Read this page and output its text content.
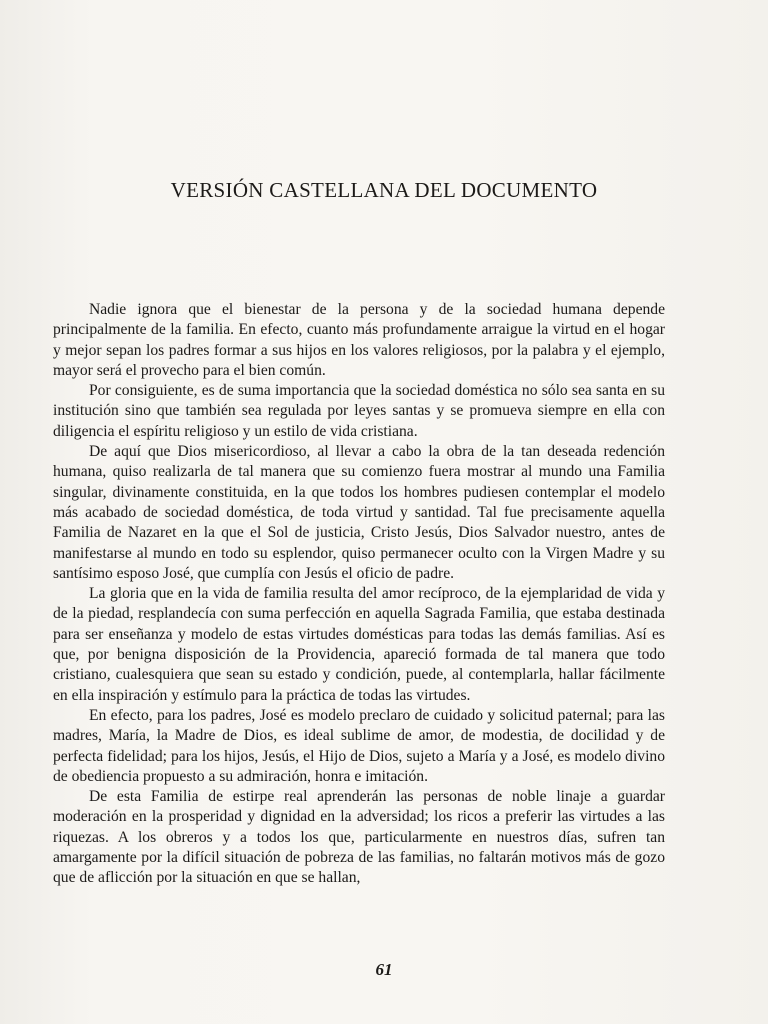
VERSIÓN CASTELLANA DEL DOCUMENTO

Nadie ignora que el bienestar de la persona y de la sociedad humana depende principalmente de la familia. En efecto, cuanto más profundamente arraigue la virtud en el hogar y mejor sepan los padres formar a sus hijos en los valores religiosos, por la palabra y el ejemplo, mayor será el provecho para el bien común.

Por consiguiente, es de suma importancia que la sociedad doméstica no sólo sea santa en su institución sino que también sea regulada por leyes santas y se promueva siempre en ella con diligencia el espíritu religioso y un estilo de vida cristiana.

De aquí que Dios misericordioso, al llevar a cabo la obra de la tan deseada redención humana, quiso realizarla de tal manera que su comienzo fuera mostrar al mundo una Familia singular, divinamente constituida, en la que todos los hombres pudiesen contemplar el modelo más acabado de sociedad doméstica, de toda virtud y santidad. Tal fue precisamente aquella Familia de Nazaret en la que el Sol de justicia, Cristo Jesús, Dios Salvador nuestro, antes de manifestarse al mundo en todo su esplendor, quiso permanecer oculto con la Virgen Madre y su santísimo esposo José, que cumplía con Jesús el oficio de padre.

La gloria que en la vida de familia resulta del amor recíproco, de la ejemplaridad de vida y de la piedad, resplandecía con suma perfección en aquella Sagrada Familia, que estaba destinada para ser enseñanza y modelo de estas virtudes domésticas para todas las demás familias. Así es que, por benigna disposición de la Providencia, apareció formada de tal manera que todo cristiano, cualesquiera que sean su estado y condición, puede, al contemplarla, hallar fácilmente en ella inspiración y estímulo para la práctica de todas las virtudes.

En efecto, para los padres, José es modelo preclaro de cuidado y solicitud paternal; para las madres, María, la Madre de Dios, es ideal sublime de amor, de modestia, de docilidad y de perfecta fidelidad; para los hijos, Jesús, el Hijo de Dios, sujeto a María y a José, es modelo divino de obediencia propuesto a su admiración, honra e imitación.

De esta Familia de estirpe real aprenderán las personas de noble linaje a guardar moderación en la prosperidad y dignidad en la adversidad; los ricos a preferir las virtudes a las riquezas. A los obreros y a todos los que, particularmente en nuestros días, sufren tan amargamente por la difícil situación de pobreza de las familias, no faltarán motivos más de gozo que de aflicción por la situación en que se hallan,

61
